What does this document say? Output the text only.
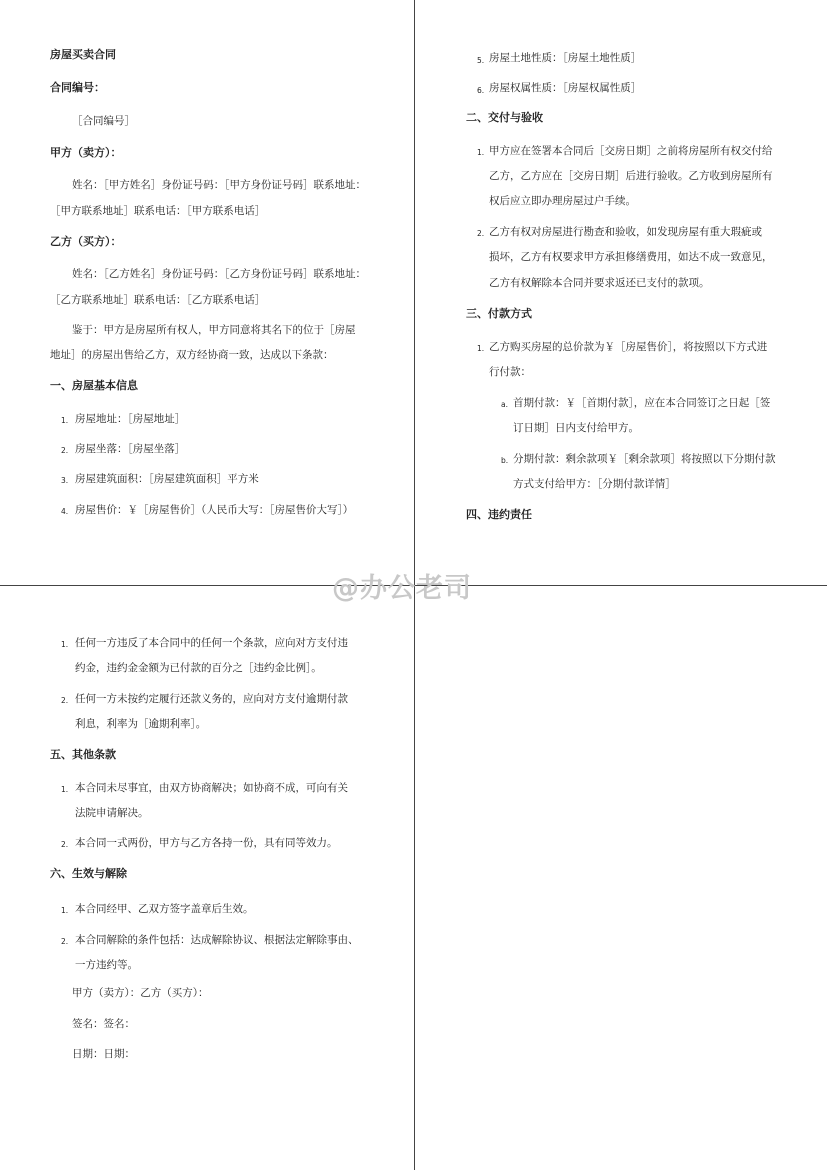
房屋买卖合同
合同编号：
［合同编号］
甲方（卖方）：
姓名：［甲方姓名］身份证号码：［甲方身份证号码］联系地址：
［甲方联系地址］联系电话：［甲方联系电话］
乙方（买方）：
姓名：［乙方姓名］身份证号码：［乙方身份证号码］联系地址：
［乙方联系地址］联系电话：［乙方联系电话］
鉴于：甲方是房屋所有权人，甲方同意将其名下的位于［房屋
地址］的房屋出售给乙方，双方经协商一致，达成以下条款：
一、房屋基本信息
1. 房屋地址：［房屋地址］
2. 房屋坐落：［房屋坐落］
3. 房屋建筑面积：［房屋建筑面积］平方米
4. 房屋售价：￥［房屋售价］（人民币大写：［房屋售价大写］）
5. 房屋土地性质：［房屋土地性质］
6. 房屋权属性质：［房屋权属性质］
二、交付与验收
1. 甲方应在签署本合同后［交房日期］之前将房屋所有权交付给
乙方，乙方应在［交房日期］后进行验收。乙方收到房屋所有
权后应立即办理房屋过户手续。
2. 乙方有权对房屋进行勘查和验收，如发现房屋有重大瑕疵或
损坏，乙方有权要求甲方承担修缮费用，如达不成一致意见，
乙方有权解除本合同并要求返还已支付的款项。
三、付款方式
1. 乙方购买房屋的总价款为￥［房屋售价］，将按照以下方式进
行付款：
a. 首期付款：￥［首期付款］，应在本合同签订之日起［签
订日期］日内支付给甲方。
b. 分期付款：剩余款项￥［剩余款项］将按照以下分期付款
方式支付给甲方：［分期付款详情］
四、违约责任
1. 任何一方违反了本合同中的任何一个条款，应向对方支付违
约金，违约金金额为已付款的百分之［违约金比例］。
2. 任何一方未按约定履行还款义务的，应向对方支付逾期付款
利息，利率为［逾期利率］。
五、其他条款
1. 本合同未尽事宜，由双方协商解决；如协商不成，可向有关
法院申请解决。
2. 本合同一式两份，甲方与乙方各持一份，具有同等效力。
六、生效与解除
1. 本合同经甲、乙双方签字盖章后生效。
2. 本合同解除的条件包括：达成解除协议、根据法定解除事由、
一方违约等。
甲方（卖方）：乙方（买方）：
签名：签名：
日期：日期：
@办公老司
